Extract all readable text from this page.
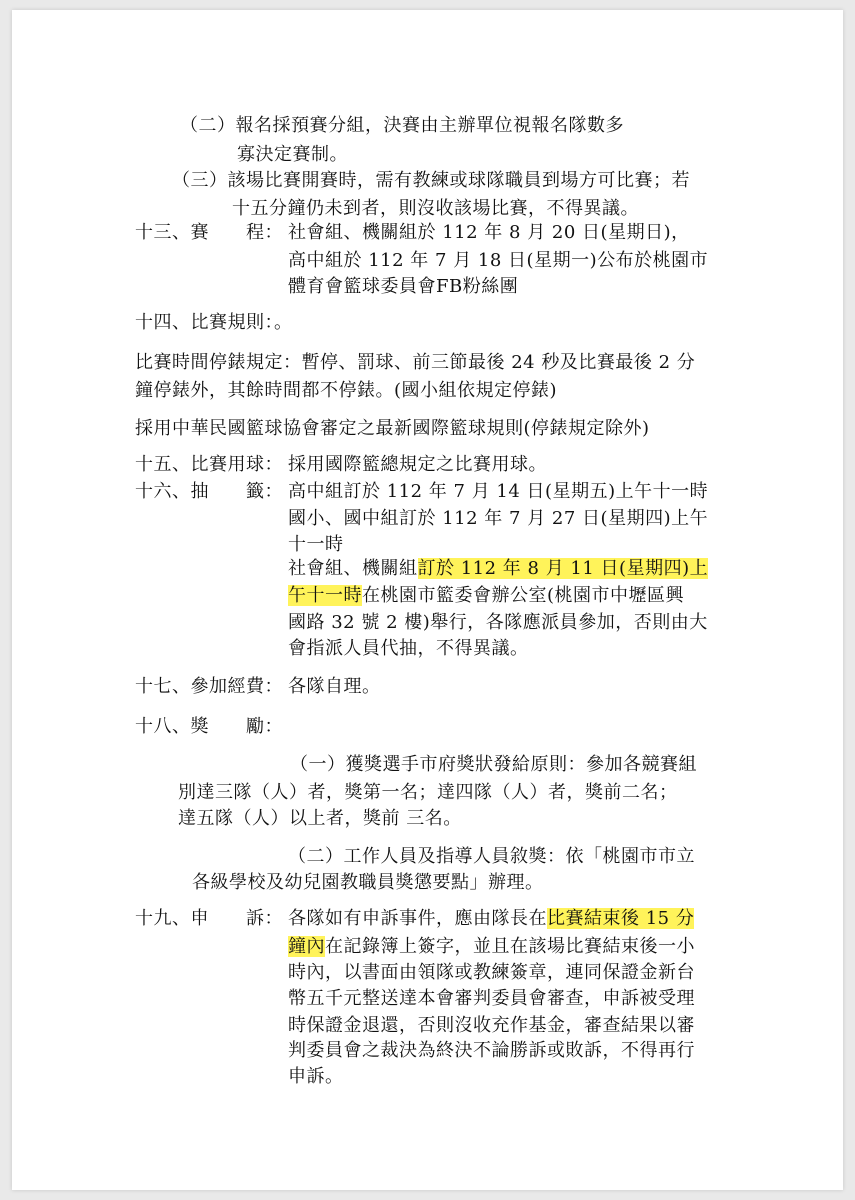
（二）報名採預賽分組，決賽由主辦單位視報名隊數多
寡決定賽制。
（三）該場比賽開賽時，需有教練或球隊職員到場方可比賽；若
十五分鐘仍未到者，則沒收該場比賽，不得異議。
十三、賽　　程： 社會組、機關組於 112 年 8 月 20 日(星期日)，
高中組於 112 年 7 月 18 日(星期一)公布於桃園市
體育會籃球委員會FB粉絲團
十四、比賽規則：。
比賽時間停錶規定：暫停、罰球、前三節最後 24 秒及比賽最後 2 分
鐘停錶外，其餘時間都不停錶。(國小組依規定停錶)
採用中華民國籃球協會審定之最新國際籃球規則(停錶規定除外)
十五、比賽用球： 採用國際籃總規定之比賽用球。
十六、抽　　籤： 高中組訂於 112 年 7 月 14 日(星期五)上午十一時
國小、國中組訂於 112 年 7 月 27 日(星期四)上午
十一時
社會組、機關組訂於 112 年 8 月 11 日(星期四)上
午十一時在桃園市籃委會辦公室(桃園市中壢區興
國路 32 號 2 樓)舉行，各隊應派員參加，否則由大
會指派人員代抽，不得異議。
十七、參加經費： 各隊自理。
十八、獎　　勵：
（一）獲獎選手市府獎狀發給原則：參加各競賽組
別達三隊（人）者，獎第一名；達四隊（人）者，獎前二名；
達五隊（人）以上者，獎前 三名。
（二）工作人員及指導人員敘獎：依「桃園市市立
各級學校及幼兒園教職員獎懲要點」辦理。
十九、申　　訴： 各隊如有申訴事件，應由隊長在比賽結束後 15 分
鐘內在記錄簿上簽字，並且在該場比賽結束後一小
時內，以書面由領隊或教練簽章，連同保證金新台
幣五千元整送達本會審判委員會審查，申訴被受理
時保證金退還，否則沒收充作基金，審查結果以審
判委員會之裁決為終決不論勝訴或敗訴，不得再行
申訴。
